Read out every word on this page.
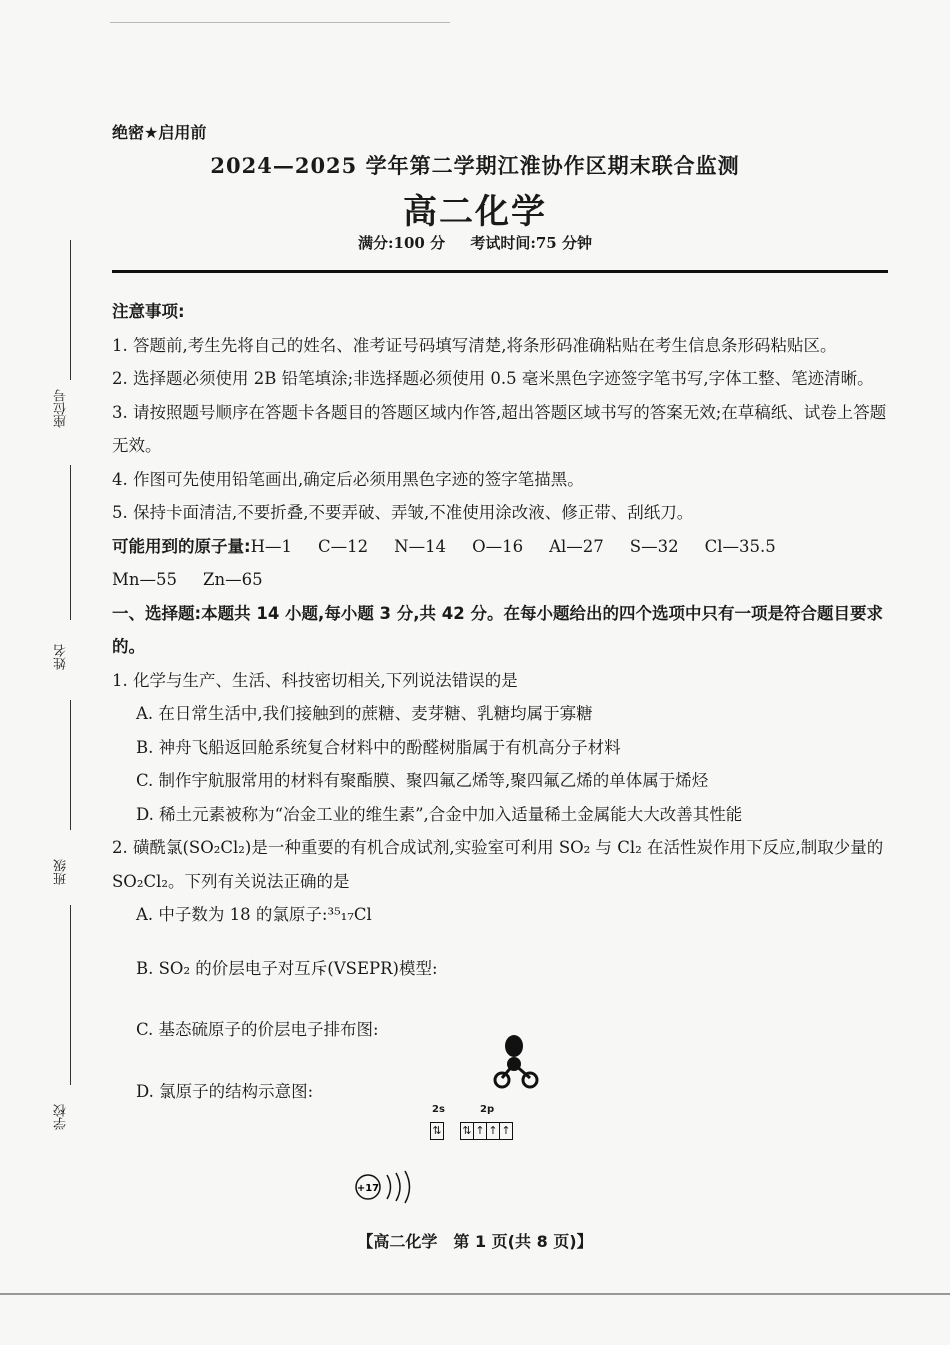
座位号
姓名
班级
学校
绝密★启用前
2024—2025 学年第二学期江淮协作区期末联合监测
高二化学
满分:100 分 考试时间:75 分钟

注意事项:

1. 答题前,考生先将自己的姓名、准考证号码填写清楚,将条形码准确粘贴在考生信息条形码粘贴区。

2. 选择题必须使用 2B 铅笔填涂;非选择题必须使用 0.5 毫米黑色字迹签字笔书写,字体工整、笔迹清晰。

3. 请按照题号顺序在答题卡各题目的答题区域内作答,超出答题区域书写的答案无效;在草稿纸、试卷上答题无效。

4. 作图可先使用铅笔画出,确定后必须用黑色字迹的签字笔描黑。

5. 保持卡面清洁,不要折叠,不要弄破、弄皱,不准使用涂改液、修正带、刮纸刀。

可能用到的原子量:H—1 C—12 N—14 O—16 Al—27 S—32 Cl—35.5Mn—55 Zn—65

一、选择题:本题共 14 小题,每小题 3 分,共 42 分。在每小题给出的四个选项中只有一项是符合题目要求的。

1. 化学与生产、生活、科技密切相关,下列说法错误的是

A. 在日常生活中,我们接触到的蔗糖、麦芽糖、乳糖均属于寡糖

B. 神舟飞船返回舱系统复合材料中的酚醛树脂属于有机高分子材料

C. 制作宇航服常用的材料有聚酯膜、聚四氟乙烯等,聚四氟乙烯的单体属于烯烃

D. 稀土元素被称为“冶金工业的维生素”,合金中加入适量稀土金属能大大改善其性能

2. 磺酰氯(SO₂Cl₂)是一种重要的有机合成试剂,实验室可利用 SO₂ 与 Cl₂ 在活性炭作用下反应,制取少量的 SO₂Cl₂。下列有关说法正确的是

A. 中子数为 18 的氯原子:³⁵₁₇Cl

B. SO₂ 的价层电子对互斥(VSEPR)模型:

C. 基态硫原子的价层电子排布图:

D. 氯原子的结构示意图:

2s	2p
⇅ ⇅ ↑ ↑ ↑
+17
【高二化学　第 1 页(共 8 页)】
